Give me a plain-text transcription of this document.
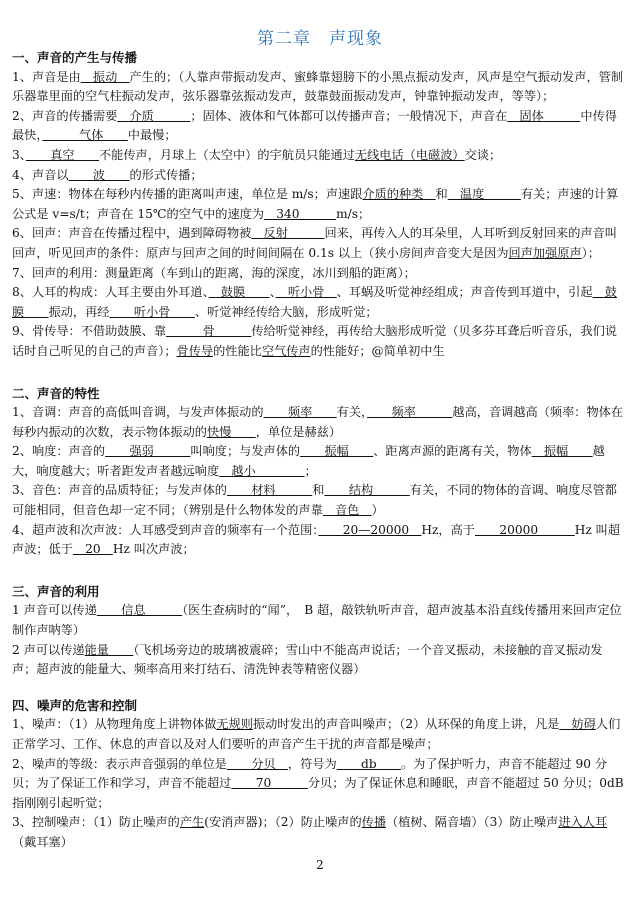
第二章　声现象

一、声音的产生与传播

1、声音是由　振动　产生的；（人靠声带振动发声、蜜蜂靠翅膀下的小黑点振动发声，风声是空气振动发声，管制乐器靠里面的空气柱振动发声，弦乐器靠弦振动发声，鼓靠鼓面振动发声，钟靠钟振动发声，等等）；

2、声音的传播需要　介质　　　；固体、液体和气体都可以传播声音；一般情况下，声音在　固体　　　中传得最快，　　　气体　　中最慢；

3、　　真空　　不能传声，月球上（太空中）的宇航员只能通过无线电话（电磁波）交谈；

4、声音以　　波　　的形式传播；

5、声速：物体在每秒内传播的距离叫声速，单位是 m/s；声速跟介质的种类　和　温度　　　有关；声速的计算公式是 v=s/t；声音在 15℃的空气中的速度为　340　　　m/s；

6、回声：声音在传播过程中，遇到障碍物被　反射　　　回来，再传入人的耳朵里，人耳听到反射回来的声音叫回声，听见回声的条件：原声与回声之间的时间间隔在 0.1s 以上（狭小房间声音变大是因为回声加强原声）；

7、回声的利用：测量距离（车到山的距离，海的深度，冰川到船的距离）；

8、人耳的构成：人耳主要由外耳道、　鼓膜　　、　听小骨　、耳蜗及听觉神经组成；声音传到耳道中，引起　鼓膜　　振动，再经　　听小骨　　、听觉神经传给大脑，形成听觉；

9、骨传导：不借助鼓膜、靠　　　骨　　　传给听觉神经，再传给大脑形成听觉（贝多芬耳聋后听音乐，我们说话时自己听见的自己的声音）；骨传导的性能比空气传声的性能好；@简单初中生

二、声音的特性

1、音调：声音的高低叫音调，与发声体振动的　　频率　　有关，　　频率　　　越高，音调越高（频率：物体在每秒内振动的次数，表示物体振动的快慢　　，单位是赫兹）

2、响度：声音的　　强弱　　　叫响度；与发声体的　　振幅　　、距离声源的距离有关，物体　振幅　　越大，响度越大；听者距发声者越远响度　越小　　　　；

3、音色：声音的品质特征；与发声体的　　材料　　　和　　结构　　　有关，不同的物体的音调、响度尽管都可能相同，但音色却一定不同；（辨别是什么物体发的声靠　音色　）

4、超声波和次声波：人耳感受到声音的频率有一个范围：　　20—20000　Hz，高于　　20000　　　Hz 叫超声波；低于　20　Hz 叫次声波；

三、声音的利用

1 声音可以传递　　信息　　　（医生查病时的“闻”，　B 超，敲铁轨听声音，超声波基本沿直线传播用来回声定位制作声呐等）

2 声可以传递能量　　（飞机场旁边的玻璃被震碎；雪山中不能高声说话；一个音叉振动，未接触的音叉振动发声；超声波的能量大、频率高用来打结石、清洗钟表等精密仪器）

四、噪声的危害和控制

1、噪声：（1）从物理角度上讲物体做无规则振动时发出的声音叫噪声；（2）从环保的角度上讲，凡是　妨碍人们正常学习、工作、休息的声音以及对人们要听的声音产生干扰的声音都是噪声；

2、噪声的等级：表示声音强弱的单位是　　分贝　，符号为　　db　　。为了保护听力，声音不能超过 90 分贝；为了保证工作和学习，声音不能超过　　70　　　分贝；为了保证休息和睡眠，声音不能超过 50 分贝；0dB 指刚刚引起听觉；

3、控制噪声：（1）防止噪声的产生(安消声器)；（2）防止噪声的传播（植树、隔音墙）（3）防止噪声进入人耳（戴耳塞）

2
